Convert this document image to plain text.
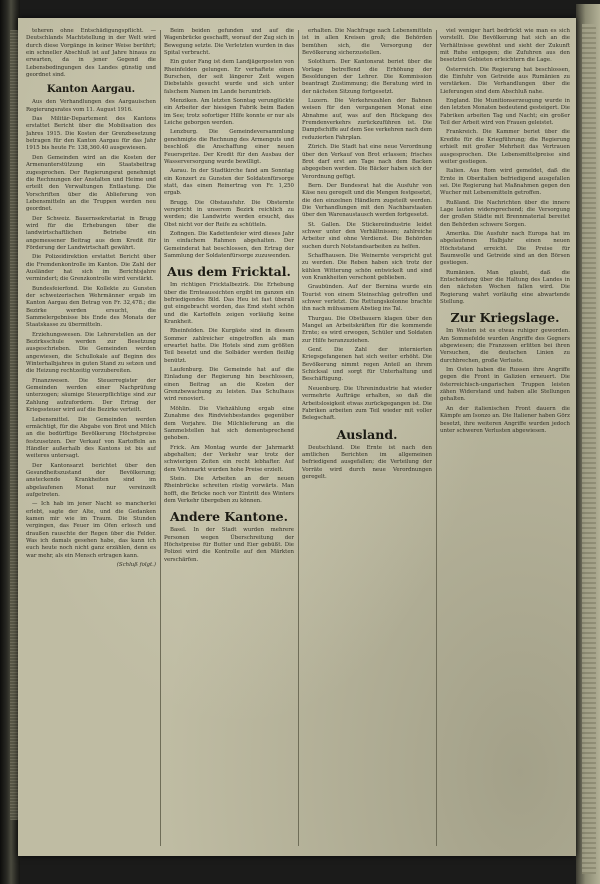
teheren ohne Entschädigungspflicht. — Deutschlands Machtstellung in der Welt wird durch diese Vorgänge in keiner Weise berührt; ein schneller Abschluß ist auf Jahre hinaus zu erwarten, da in jener Gegend die Lebensbedingungen des Landes günstig und geordnet sind.

Kanton Aargau.

Aus den Verhandlungen des Aargauischen Regierungsrates vom 11. August 1916.

Das Militär-Departement des Kantons erstattet Bericht über die Mobilisation des Jahres 1915. Die Kosten der Grenzbesetzung betragen für den Kanton Aargau für das Jahr 1915 bis heute Fr. 138,360.40 ausgewiesen.

Den Gemeinden wird an die Kosten der Armenunterstützung ein Staatsbeitrag zugesprochen. Der Regierungsrat genehmigt die Rechnungen der Anstalten und Heime und erteilt den Verwaltungen Entlastung. Die Vorschriften über die Ablieferung von Lebensmitteln an die Truppen werden neu geordnet.

Der Schweiz. Bauernsekretariat in Brugg wird für die Erhebungen über die landwirtschaftlichen Betriebe ein angemessener Beitrag aus dem Kredit für Förderung der Landwirtschaft gewährt.

Die Polizeidirektion erstattet Bericht über die Fremdenkontrolle im Kanton. Die Zahl der Ausländer hat sich im Berichtsjahre vermindert; die Grenzkontrolle wird verstärkt.

Bundesfeierfond. Die Kollekte zu Gunsten der schweizerischen Wehrmänner ergab im Kanton Aargau den Betrag von Fr. 32,478.; die Bezirke werden ersucht, die Sammelergebnisse bis Ende des Monats der Staatskasse zu übermitteln.

Erziehungswesen. Die Lehrerstellen an der Bezirksschule werden zur Besetzung ausgeschrieben. Die Gemeinden werden angewiesen, die Schullokale auf Beginn des Winterhalbjahres in guten Stand zu setzen und die Heizung rechtzeitig vorzubereiten.

Finanzwesen. Die Steuerregister der Gemeinden werden einer Nachprüfung unterzogen; säumige Steuerpflichtige sind zur Zahlung aufzufordern. Der Ertrag der Kriegssteuer wird auf die Bezirke verteilt.

Lebensmittel. Die Gemeinden werden ermächtigt, für die Abgabe von Brot und Milch an die bedürftige Bevölkerung Höchstpreise festzusetzen. Der Verkauf von Kartoffeln an Händler außerhalb des Kantons ist bis auf weiteres untersagt.

Der Kantonsarzt berichtet über den Gesundheitszustand der Bevölkerung; ansteckende Krankheiten sind im abgelaufenen Monat nur vereinzelt aufgetreten.

— Ich hab im jener Nacht so mancherlei erlebt, sagte der Alte, und die Gedanken kamen mir wie im Traum. Die Stunden vergingen, das Feuer im Ofen erlosch und draußen rauschte der Regen über die Felder. Was ich damals gesehen habe, das kann ich euch heute noch nicht ganz erzählen, denn es war mehr, als ein Mensch ertragen kann.

(Schluß folgt.)

Beim beiden gefunden und auf die Wagenbrücke geschafft, worauf der Zug sich in Bewegung setzte. Die Verletzten wurden in das Spital verbracht.

Ein guter Fang ist dem Landjägerposten von Rheinfelden gelungen. Er verhaftete einen Burschen, der seit längerer Zeit wegen Diebstahls gesucht wurde und sich unter falschem Namen im Lande herumtrieb.

Menziken. Am letzten Sonntag verunglückte ein Arbeiter der hiesigen Fabrik beim Baden im See; trotz sofortiger Hilfe konnte er nur als Leiche geborgen werden.

Lenzburg. Die Gemeindeversammlung genehmigte die Rechnung des Armenguts und beschloß die Anschaffung einer neuen Feuerspritze. Der Kredit für den Ausbau der Wasserversorgung wurde bewilligt.

Aarau. In der Stadtkirche fand am Sonntag ein Konzert zu Gunsten der Soldatenfürsorge statt, das einen Reinertrag von Fr. 1,250 ergab.

Brugg. Die Obstausfuhr. Die Obsternte verspricht in unserem Bezirk reichlich zu werden; die Landwirte werden ersucht, das Obst nicht vor der Reife zu schütteln.

Zofingen. Die Kadettenfeier wird dieses Jahr in einfachem Rahmen abgehalten. Der Gemeinderat hat beschlossen, den Ertrag der Sammlung der Soldatenfürsorge zuzuwenden.

Aus dem Fricktal.

Im richtigen Fricktalbezirk. Die Erhebung über die Ernteaussichten ergibt im ganzen ein befriedigendes Bild. Das Heu ist fast überall gut eingebracht worden, das Emd steht schön und die Kartoffeln zeigen vorläufig keine Krankheit.

Rheinfelden. Die Kurgäste sind in diesem Sommer zahlreicher eingetroffen als man erwartet hatte. Die Hotels sind zum größten Teil besetzt und die Solbäder werden fleißig benützt.

Laufenburg. Die Gemeinde hat auf die Einladung der Regierung hin beschlossen, einen Beitrag an die Kosten der Grenzbewachung zu leisten. Das Schulhaus wird renoviert.

Möhlin. Die Viehzählung ergab eine Zunahme des Rindviehbestandes gegenüber dem Vorjahre. Die Milchlieferung an die Sammelstellen hat sich dementsprechend gehoben.

Frick. Am Montag wurde der Jahrmarkt abgehalten; der Verkehr war trotz der schwierigen Zeiten ein recht lebhafter. Auf dem Viehmarkt wurden hohe Preise erzielt.

Stein. Die Arbeiten an der neuen Rheinbrücke schreiten rüstig vorwärts. Man hofft, die Brücke noch vor Eintritt des Winters dem Verkehr übergeben zu können.

Andere Kantone.

Basel. In der Stadt wurden mehrere Personen wegen Überschreitung der Höchstpreise für Butter und Eier gebüßt. Die Polizei wird die Kontrolle auf den Märkten verschärfen.

erhalten. Die Nachfrage nach Lebensmitteln ist in allen Kreisen groß; die Behörden bemühen sich, die Versorgung der Bevölkerung sicherzustellen.

Solothurn. Der Kantonsrat beriet über die Vorlage betreffend die Erhöhung der Besoldungen der Lehrer. Die Kommission beantragt Zustimmung; die Beratung wird in der nächsten Sitzung fortgesetzt.

Luzern. Die Verkehrszahlen der Bahnen weisen für den vergangenen Monat eine Abnahme auf, was auf den Rückgang des Fremdenverkehrs zurückzuführen ist. Die Dampfschiffe auf dem See verkehren nach dem reduzierten Fahrplan.

Zürich. Die Stadt hat eine neue Verordnung über den Verkauf von Brot erlassen; frisches Brot darf erst am Tage nach dem Backen abgegeben werden. Die Bäcker haben sich der Verordnung gefügt.

Bern. Der Bundesrat hat die Ausfuhr von Käse neu geregelt und die Mengen festgesetzt, die den einzelnen Händlern zugeteilt werden. Die Verhandlungen mit den Nachbarstaaten über den Warenaustausch werden fortgesetzt.

St. Gallen. Die Stickereiindustrie leidet schwer unter den Verhältnissen; zahlreiche Arbeiter sind ohne Verdienst. Die Behörden suchen durch Notstandsarbeiten zu helfen.

Schaffhausen. Die Weinernte verspricht gut zu werden. Die Reben haben sich trotz der kühlen Witterung schön entwickelt und sind von Krankheiten verschont geblieben.

Graubünden. Auf der Bernina wurde ein Tourist von einem Steinschlag getroffen und schwer verletzt. Die Rettungskolonne brachte ihn nach mühsamem Abstieg ins Tal.

Thurgau. Die Obstbauern klagen über den Mangel an Arbeitskräften für die kommende Ernte; es wird erwogen, Schüler und Soldaten zur Hilfe heranzuziehen.

Genf. Die Zahl der internierten Kriegsgefangenen hat sich weiter erhöht. Die Bevölkerung nimmt regen Anteil an ihrem Schicksal und sorgt für Unterhaltung und Beschäftigung.

Neuenburg. Die Uhrenindustrie hat wieder vermehrte Aufträge erhalten, so daß die Arbeitslosigkeit etwas zurückgegangen ist. Die Fabriken arbeiten zum Teil wieder mit voller Belegschaft.

Ausland.

Deutschland. Die Ernte ist nach den amtlichen Berichten im allgemeinen befriedigend ausgefallen; die Verteilung der Vorräte wird durch neue Verordnungen geregelt.

viel weniger hart bedrückt wie man es sich vorstellt. Die Bevölkerung hat sich an die Verhältnisse gewöhnt und sieht der Zukunft mit Ruhe entgegen; die Zufuhren aus den besetzten Gebieten erleichtern die Lage.

Österreich. Die Regierung hat beschlossen, die Einfuhr von Getreide aus Rumänien zu verstärken. Die Verhandlungen über die Lieferungen sind dem Abschluß nahe.

England. Die Munitionserzeugung wurde in den letzten Monaten bedeutend gesteigert. Die Fabriken arbeiten Tag und Nacht; ein großer Teil der Arbeit wird von Frauen geleistet.

Frankreich. Die Kammer beriet über die Kredite für die Kriegführung; die Regierung erhielt mit großer Mehrheit das Vertrauen ausgesprochen. Die Lebensmittelpreise sind weiter gestiegen.

Italien. Aus Rom wird gemeldet, daß die Ernte in Oberitalien befriedigend ausgefallen sei. Die Regierung hat Maßnahmen gegen den Wucher mit Lebensmitteln getroffen.

Rußland. Die Nachrichten über die innere Lage lauten widersprechend; die Versorgung der großen Städte mit Brennmaterial bereitet den Behörden schwere Sorgen.

Amerika. Die Ausfuhr nach Europa hat im abgelaufenen Halbjahr einen neuen Höchststand erreicht. Die Preise für Baumwolle und Getreide sind an den Börsen gestiegen.

Rumänien. Man glaubt, daß die Entscheidung über die Haltung des Landes in den nächsten Wochen fallen wird. Die Regierung wahrt vorläufig eine abwartende Stellung.

Zur Kriegslage.

Im Westen ist es etwas ruhiger geworden. Am Sommefelde wurden Angriffe des Gegners abgewiesen; die Franzosen erlitten bei ihren Versuchen, die deutschen Linien zu durchbrechen, große Verluste.

Im Osten haben die Russen ihre Angriffe gegen die Front in Galizien erneuert. Die österreichisch-ungarischen Truppen leisten zähen Widerstand und haben alle Stellungen gehalten.

An der italienischen Front dauern die Kämpfe am Isonzo an. Die Italiener haben Görz besetzt, ihre weiteren Angriffe wurden jedoch unter schweren Verlusten abgewiesen.
